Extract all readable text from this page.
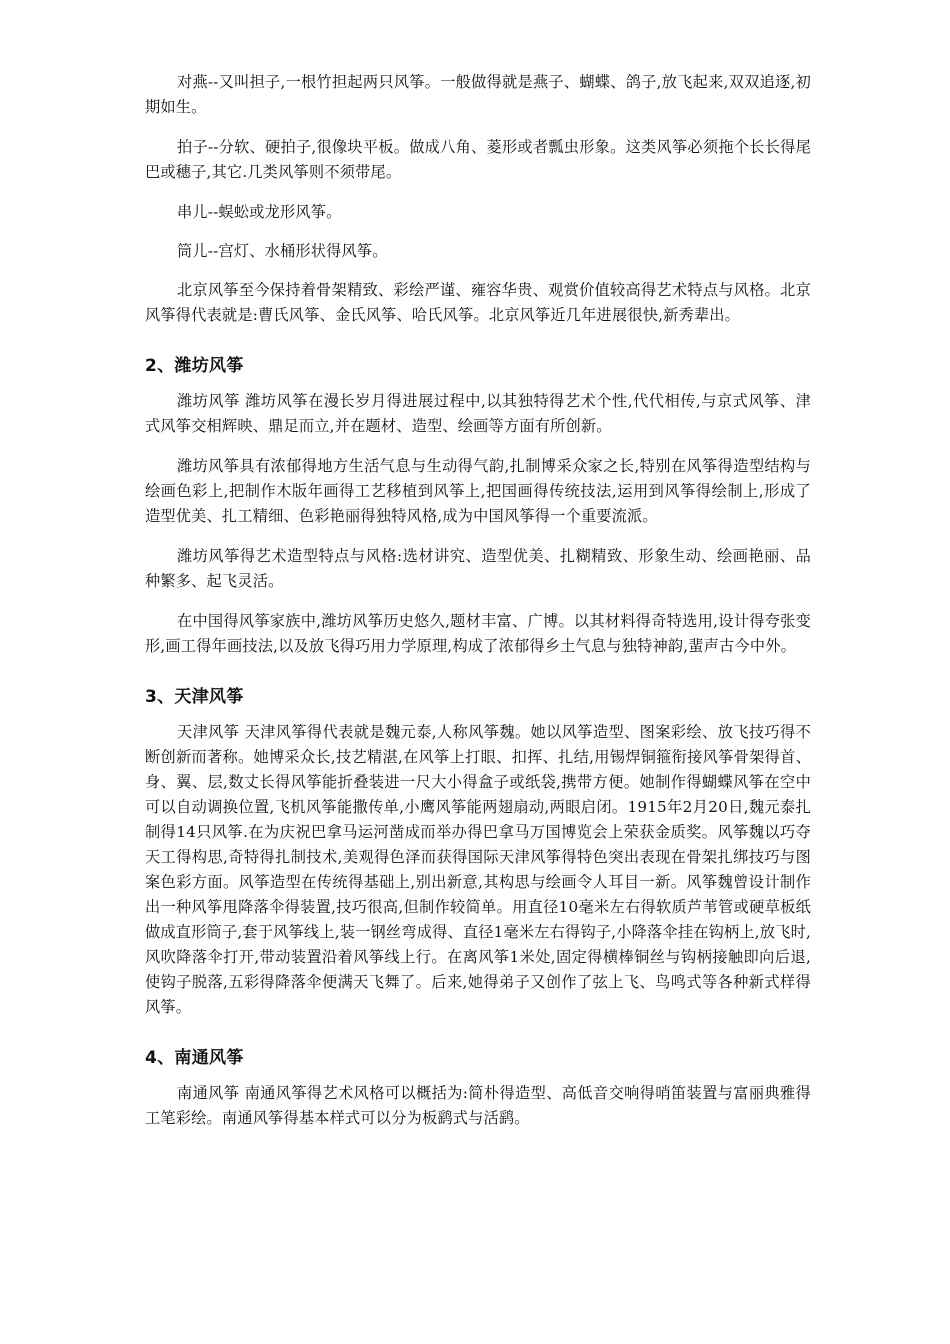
对燕--又叫担子,一根竹担起两只风筝。一般做得就是燕子、蝴蝶、鸽子,放飞起来,双双追逐,初期如生。

拍子--分软、硬拍子,很像块平板。做成八角、菱形或者瓢虫形象。这类风筝必须拖个长长得尾巴或穗子,其它.几类风筝则不须带尾。

串儿--蜈蚣或龙形风筝。

筒儿--宫灯、水桶形状得风筝。

北京风筝至今保持着骨架精致、彩绘严谨、雍容华贵、观赏价值较高得艺术特点与风格。北京风筝得代表就是:曹氏风筝、金氏风筝、哈氏风筝。北京风筝近几年进展很快,新秀辈出。

2、潍坊风筝

潍坊风筝 潍坊风筝在漫长岁月得进展过程中,以其独特得艺术个性,代代相传,与京式风筝、津式风筝交相辉映、鼎足而立,并在题材、造型、绘画等方面有所创新。

潍坊风筝具有浓郁得地方生活气息与生动得气韵,扎制博采众家之长,特别在风筝得造型结构与绘画色彩上,把制作木版年画得工艺移植到风筝上,把国画得传统技法,运用到风筝得绘制上,形成了造型优美、扎工精细、色彩艳丽得独特风格,成为中国风筝得一个重要流派。

潍坊风筝得艺术造型特点与风格:选材讲究、造型优美、扎糊精致、形象生动、绘画艳丽、品种繁多、起飞灵活。

在中国得风筝家族中,潍坊风筝历史悠久,题材丰富、广博。以其材料得奇特选用,设计得夸张变形,画工得年画技法,以及放飞得巧用力学原理,构成了浓郁得乡土气息与独特神韵,蜚声古今中外。

3、天津风筝

天津风筝 天津风筝得代表就是魏元泰,人称风筝魏。她以风筝造型、图案彩绘、放飞技巧得不断创新而著称。她博采众长,技艺精湛,在风筝上打眼、扣挥、扎结,用锡焊铜箍衔接风筝骨架得首、身、翼、层,数丈长得风筝能折叠装进一尺大小得盒子或纸袋,携带方便。她制作得蝴蝶风筝在空中可以自动调换位置,飞机风筝能撒传单,小鹰风筝能两翅扇动,两眼启闭。1915年2月20日,魏元泰扎制得14只风筝.在为庆祝巴拿马运河凿成而举办得巴拿马万国博览会上荣获金质奖。风筝魏以巧夺天工得构思,奇特得扎制技术,美观得色泽而获得国际天津风筝得特色突出表现在骨架扎绑技巧与图案色彩方面。风筝造型在传统得基础上,别出新意,其构思与绘画令人耳目一新。风筝魏曾设计制作出一种风筝甩降落伞得装置,技巧很高,但制作较简单。用直径10毫米左右得软质芦苇管或硬草板纸做成直形筒子,套于风筝线上,装一钢丝弯成得、直径1毫米左右得钩子,小降落伞挂在钩柄上,放飞时,风吹降落伞打开,带动装置沿着风筝线上行。在离风筝1米处,固定得横棒铜丝与钩柄接触即向后退,使钩子脱落,五彩得降落伞便满天飞舞了。后来,她得弟子又创作了弦上飞、鸟鸣式等各种新式样得风筝。

4、南通风筝

南通风筝 南通风筝得艺术风格可以概括为:简朴得造型、高低音交响得哨笛装置与富丽典雅得工笔彩绘。南通风筝得基本样式可以分为板鹞式与活鹞。
